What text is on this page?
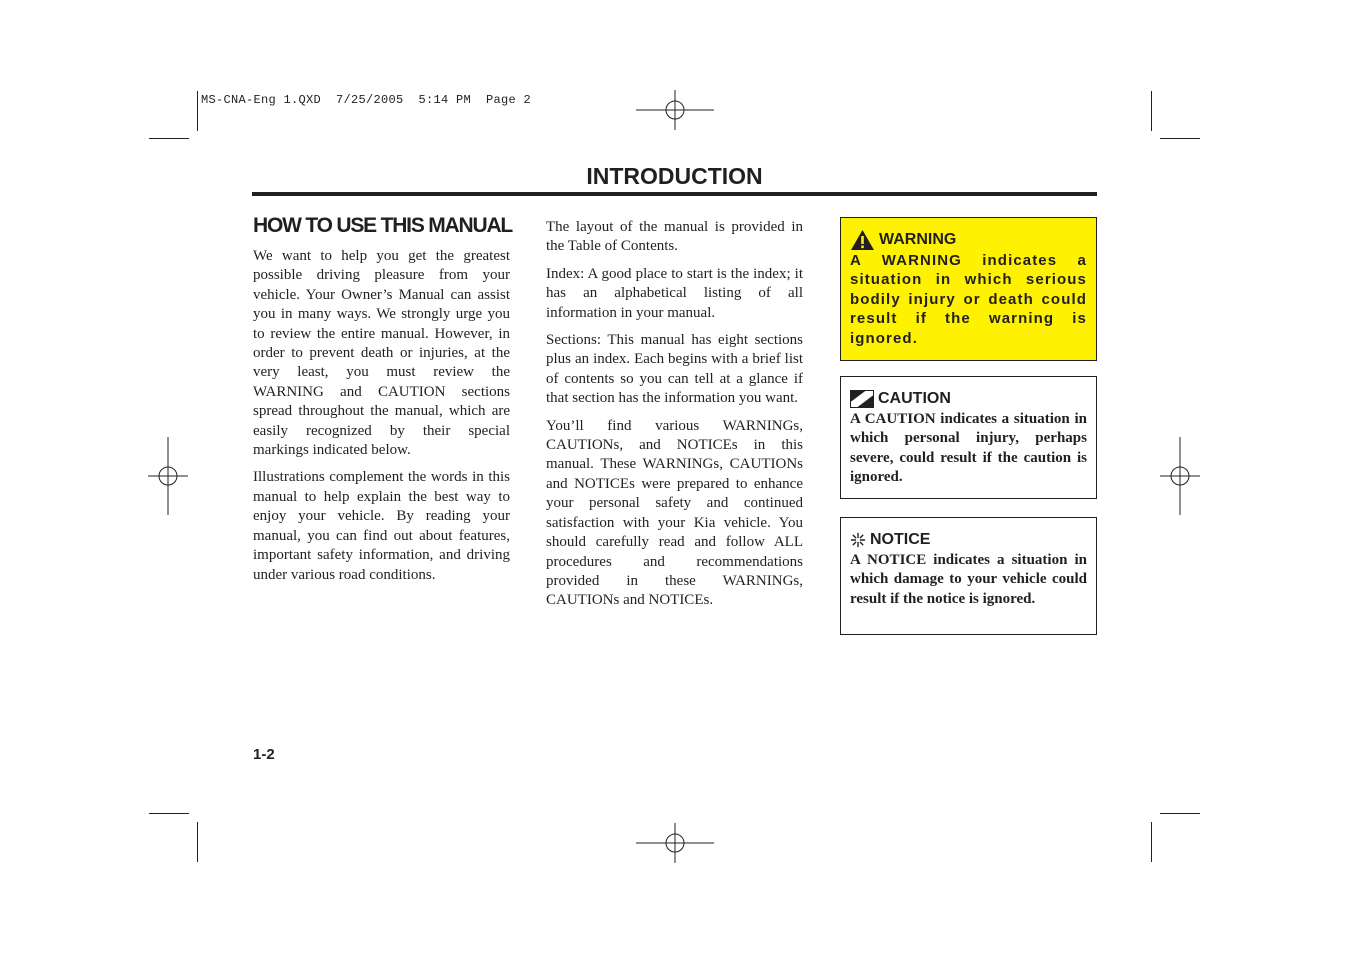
MS-CNA-Eng 1.QXD  7/25/2005  5:14 PM  Page 2
INTRODUCTION
HOW TO USE THIS MANUAL

We want to help you get the greatest possible driving pleasure from your vehicle. Your Owner’s Manual can assist you in many ways. We strongly urge you to review the entire manual. However, in order to prevent death or injuries, at the very least, you must review the WARNING and CAUTION sections spread throughout the manual, which are easily recognized by their special markings indicated below.

Illustrations complement the words in this manual to help explain the best way to enjoy your vehicle. By reading your manual, you can find out about features, important safety information, and driving under various road conditions.

The layout of the manual is provided in the Table of Contents.

Index: A good place to start is the index; it has an alphabetical listing of all information in your manual.

Sections: This manual has eight sections plus an index. Each begins with a brief list of contents so you can tell at a glance if that section has the information you want.

You’ll find various WARNINGs, CAUTIONs, and NOTICEs in this manual. These WARNINGs, CAUTIONs and NOTICEs were prepared to enhance your personal safety and continued satisfaction with your Kia vehicle. You should carefully read and follow ALL procedures and recommendations provided in these WARNINGs, CAUTIONs and NOTICEs.

WARNING
A WARNING indicates a situation in which serious bodily injury or death could result if the warning is ignored.
CAUTION
A CAUTION indicates a situation in which personal injury, perhaps severe, could result if the caution is ignored.
NOTICE
A NOTICE indicates a situation in which damage to your vehicle could result if the notice is ignored.
1-2
